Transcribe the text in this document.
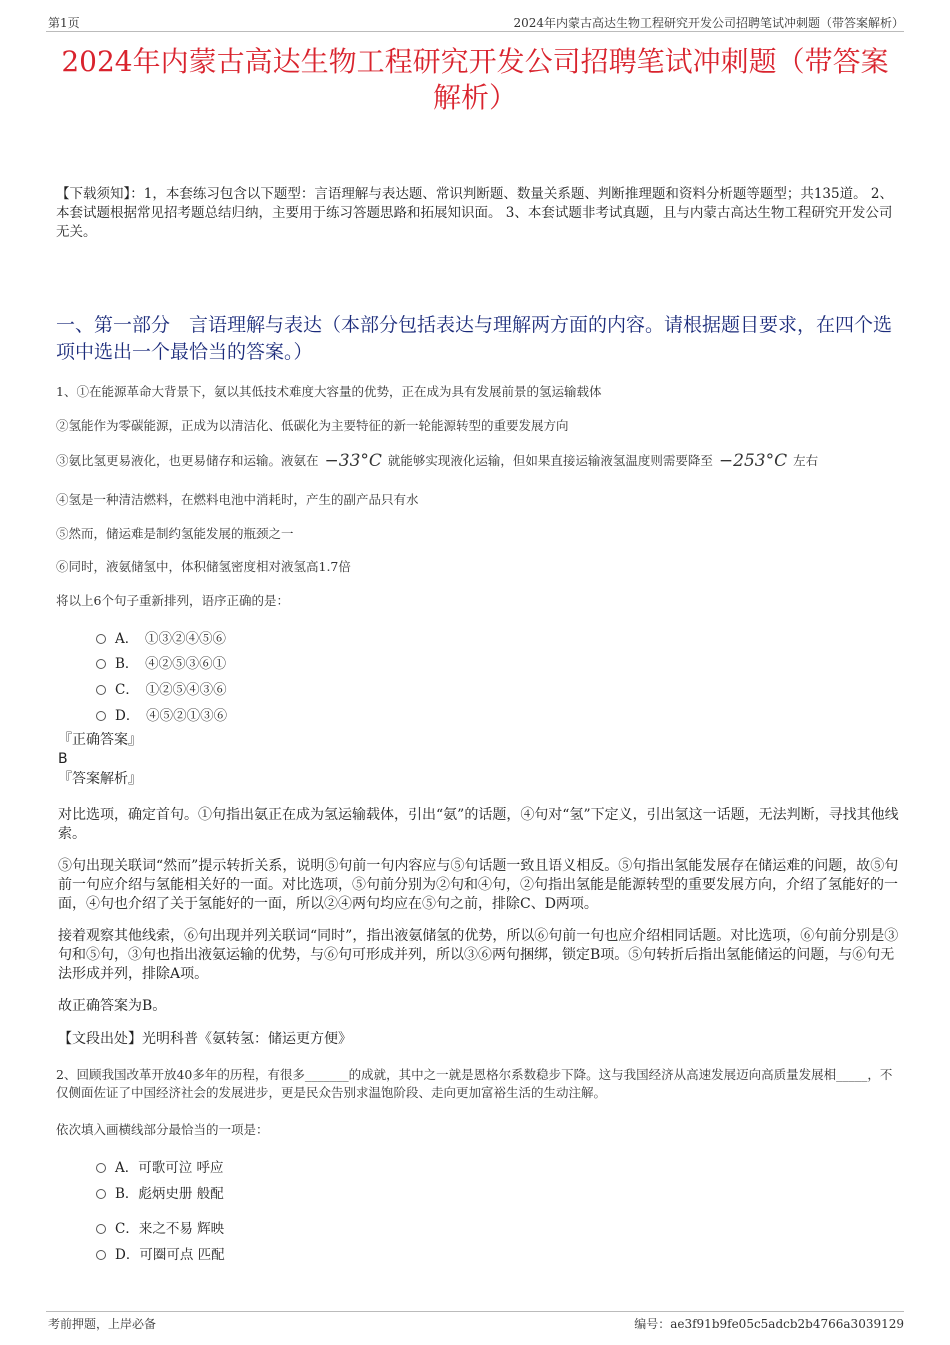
第1页	2024年内蒙古高达生物工程研究开发公司招聘笔试冲刺题（带答案解析）
2024年内蒙古高达生物工程研究开发公司招聘笔试冲刺题（带答案解析）
【下载须知】：1，本套练习包含以下题型：言语理解与表达题、常识判断题、数量关系题、判断推理题和资料分析题等题型；共135道。 2、本套试题根据常见招考题总结归纳，主要用于练习答题思路和拓展知识面。 3、本套试题非考试真题，且与内蒙古高达生物工程研究开发公司无关。
一、第一部分　言语理解与表达（本部分包括表达与理解两方面的内容。请根据题目要求，在四个选项中选出一个最恰当的答案。）
1、①在能源革命大背景下，氨以其低技术难度大容量的优势，正在成为具有发展前景的氢运输载体
②氢能作为零碳能源，正成为以清洁化、低碳化为主要特征的新一轮能源转型的重要发展方向
③氨比氢更易液化，也更易储存和运输。液氨在 −33°C 就能够实现液化运输，但如果直接运输液氢温度则需要降至 −253°C 左右
④氢是一种清洁燃料，在燃料电池中消耗时，产生的副产品只有水
⑤然而，储运难是制约氢能发展的瓶颈之一
⑥同时，液氨储氢中，体积储氢密度相对液氢高1.7倍
将以上6个句子重新排列，语序正确的是：
A．　①③②④⑤⑥
B．　④②⑤③⑥①
C．　①②⑤④③⑥
D．　④⑤②①③⑥
『正确答案』
B
『答案解析』
对比选项，确定首句。①句指出氨正在成为氢运输载体，引出“氨”的话题，④句对“氢”下定义，引出氢这一话题，无法判断，寻找其他线索。
⑤句出现关联词“然而”提示转折关系，说明⑤句前一句内容应与⑤句话题一致且语义相反。⑤句指出氢能发展存在储运难的问题，故⑤句前一句应介绍与氢能相关好的一面。对比选项，⑤句前分别为②句和④句，②句指出氢能是能源转型的重要发展方向，介绍了氢能好的一面，④句也介绍了关于氢能好的一面，所以②④两句均应在⑤句之前，排除C、D两项。
接着观察其他线索，⑥句出现并列关联词“同时”，指出液氨储氢的优势，所以⑥句前一句也应介绍相同话题。对比选项，⑥句前分别是③句和⑤句，③句也指出液氨运输的优势，与⑥句可形成并列，所以③⑥两句捆绑，锁定B项。⑤句转折后指出氢能储运的问题，与⑥句无法形成并列，排除A项。
故正确答案为B。
【文段出处】光明科普《氨转氢：储运更方便》
2、回顾我国改革开放40多年的历程，有很多_______的成就，其中之一就是恩格尔系数稳步下降。这与我国经济从高速发展迈向高质量发展相_____，不仅侧面佐证了中国经济社会的发展进步，更是民众告别求温饱阶段、走向更加富裕生活的生动注解。
依次填入画横线部分最恰当的一项是：
A．可歌可泣 呼应
B．彪炳史册 般配
C．来之不易 辉映
D．可圈可点 匹配
考前押题，上岸必备	编号：ae3f91b9fe05c5adcb2b4766a3039129
